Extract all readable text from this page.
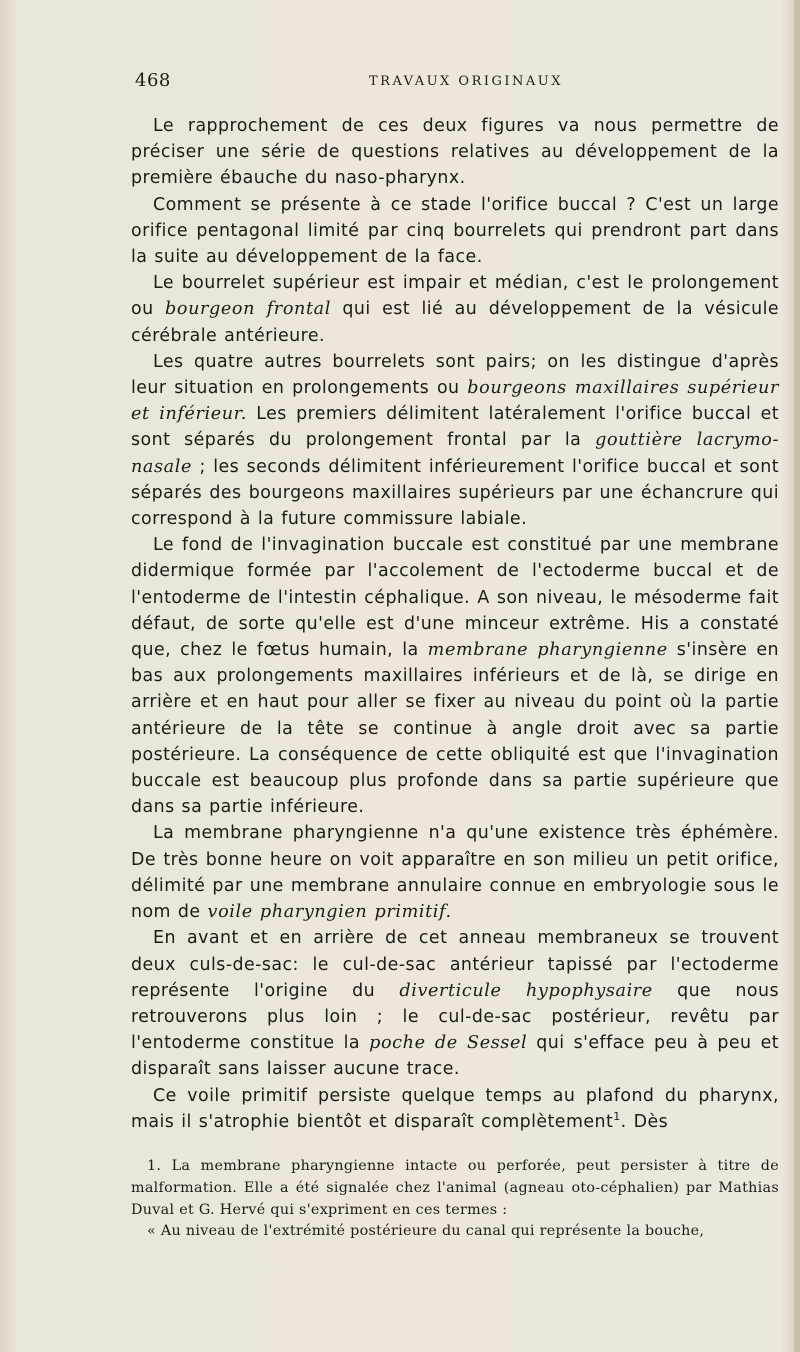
468	TRAVAUX ORIGINAUX

Le rapprochement de ces deux figures va nous permettre de préciser une série de questions relatives au développement de la première ébauche du naso-pharynx.

Comment se présente à ce stade l'orifice buccal ? C'est un large orifice pentagonal limité par cinq bourrelets qui prendront part dans la suite au développement de la face.

Le bourrelet supérieur est impair et médian, c'est le prolongement ou bourgeon frontal qui est lié au développement de la vésicule cérébrale antérieure.

Les quatre autres bourrelets sont pairs; on les distingue d'après leur situation en prolongements ou bourgeons maxillaires supérieur et inférieur. Les premiers délimitent latéralement l'orifice buccal et sont séparés du prolongement frontal par la gouttière lacrymo-nasale ; les seconds délimitent inférieurement l'orifice buccal et sont séparés des bourgeons maxillaires supérieurs par une échancrure qui correspond à la future commissure labiale.

Le fond de l'invagination buccale est constitué par une membrane didermique formée par l'accolement de l'ectoderme buccal et de l'entoderme de l'intestin céphalique. A son niveau, le mésoderme fait défaut, de sorte qu'elle est d'une minceur extrême. His a constaté que, chez le fœtus humain, la membrane pharyngienne s'insère en bas aux prolongements maxillaires inférieurs et de là, se dirige en arrière et en haut pour aller se fixer au niveau du point où la partie antérieure de la tête se continue à angle droit avec sa partie postérieure. La conséquence de cette obliquité est que l'invagination buccale est beaucoup plus profonde dans sa partie supérieure que dans sa partie inférieure.

La membrane pharyngienne n'a qu'une existence très éphémère. De très bonne heure on voit apparaître en son milieu un petit orifice, délimité par une membrane annulaire connue en embryologie sous le nom de voile pharyngien primitif.

En avant et en arrière de cet anneau membraneux se trouvent deux culs-de-sac: le cul-de-sac antérieur tapissé par l'ectoderme représente l'origine du diverticule hypophysaire que nous retrouverons plus loin ; le cul-de-sac postérieur, revêtu par l'entoderme constitue la poche de Sessel qui s'efface peu à peu et disparaît sans laisser aucune trace.

Ce voile primitif persiste quelque temps au plafond du pharynx, mais il s'atrophie bientôt et disparaît complètement$^1$. Dès

1. La membrane pharyngienne intacte ou perforée, peut persister à titre de malformation. Elle a été signalée chez l'animal (agneau oto-céphalien) par Mathias Duval et G. Hervé qui s'expriment en ces termes :

« Au niveau de l'extrémité postérieure du canal qui représente la bouche,
